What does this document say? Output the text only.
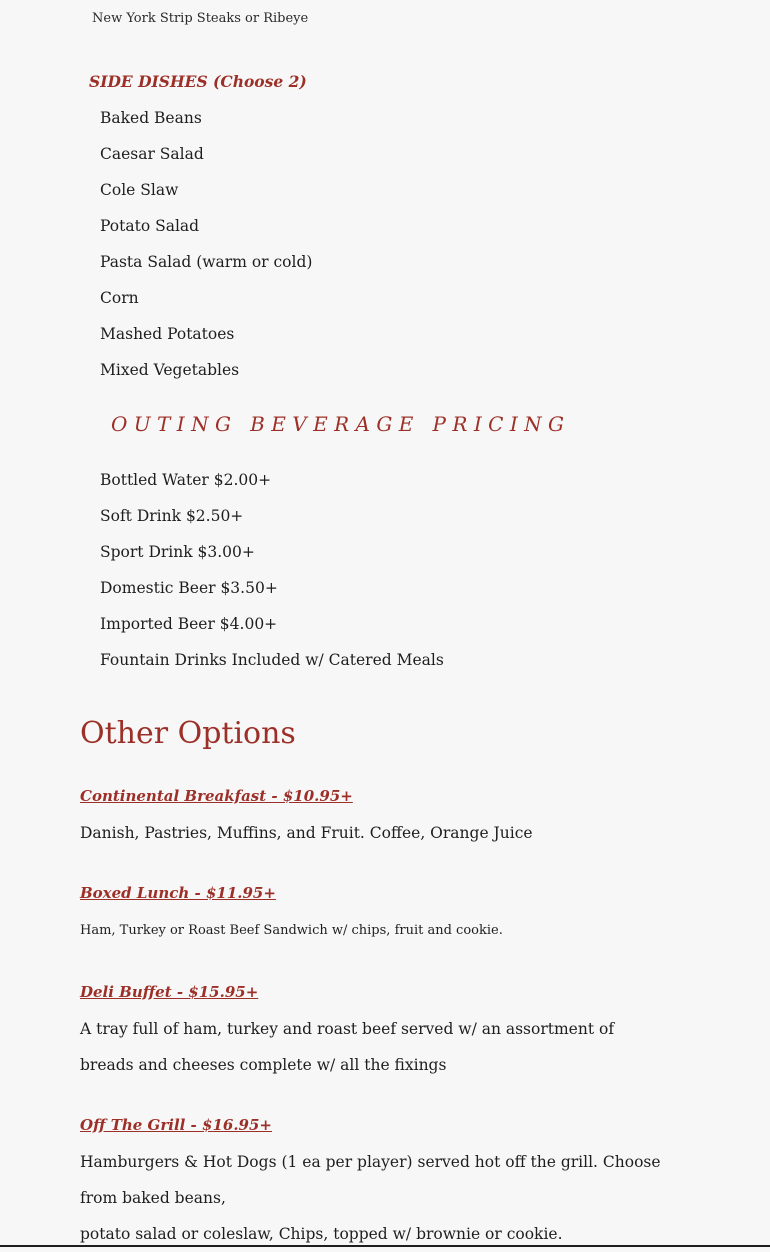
New York Strip Steaks or Ribeye
SIDE DISHES (Choose 2)
Baked Beans
Caesar Salad
Cole Slaw
Potato Salad
Pasta Salad (warm or cold)
Corn
Mashed Potatoes
Mixed Vegetables
OUTING BEVERAGE PRICING
Bottled Water $2.00+
Soft Drink $2.50+
Sport Drink $3.00+
Domestic Beer $3.50+
Imported Beer $4.00+
Fountain Drinks Included w/ Catered Meals
Other Options
Continental Breakfast - $10.95+
Danish, Pastries, Muffins, and Fruit. Coffee, Orange Juice
Boxed Lunch - $11.95+
Ham, Turkey or Roast Beef Sandwich w/ chips, fruit and cookie.
Deli Buffet - $15.95+
A tray full of ham, turkey and roast beef served w/ an assortment of breads and cheeses complete w/ all the fixings
Off The Grill - $16.95+
Hamburgers & Hot Dogs (1 ea per player) served hot off the grill. Choose from baked beans,
potato salad or coleslaw, Chips, topped w/ brownie or cookie.
